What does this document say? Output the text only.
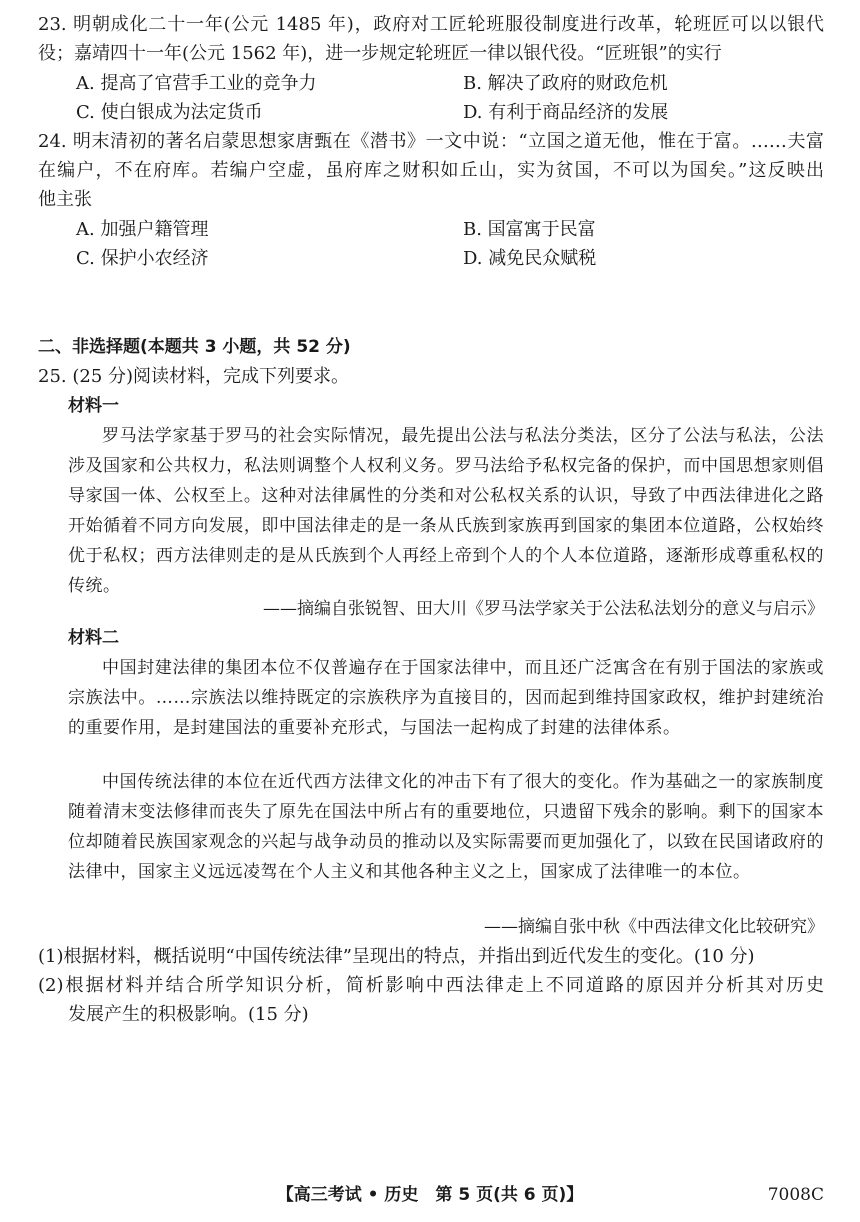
23. 明朝成化二十一年(公元 1485 年)，政府对工匠轮班服役制度进行改革，轮班匠可以以银代
役；嘉靖四十一年(公元 1562 年)，进一步规定轮班匠一律以银代役。“匠班银”的实行
A. 提高了官营手工业的竞争力	B. 解决了政府的财政危机
C. 使白银成为法定货币	D. 有利于商品经济的发展
24. 明末清初的著名启蒙思想家唐甄在《潜书》一文中说：“立国之道无他，惟在于富。……夫富
在编户，不在府库。若编户空虚，虽府库之财积如丘山，实为贫国，不可以为国矣。”这反映出
他主张
A. 加强户籍管理	B. 国富寓于民富
C. 保护小农经济	D. 减免民众赋税
二、非选择题(本题共 3 小题，共 52 分)
25. (25 分)阅读材料，完成下列要求。
材料一
罗马法学家基于罗马的社会实际情况，最先提出公法与私法分类法，区分了公法与私法，公法涉及国家和公共权力，私法则调整个人权利义务。罗马法给予私权完备的保护，而中国思想家则倡导家国一体、公权至上。这种对法律属性的分类和对公私权关系的认识，导致了中西法律进化之路开始循着不同方向发展，即中国法律走的是一条从氏族到家族再到国家的集团本位道路，公权始终优于私权；西方法律则走的是从氏族到个人再经上帝到个人的个人本位道路，逐渐形成尊重私权的传统。
——摘编自张锐智、田大川《罗马法学家关于公法私法划分的意义与启示》
材料二
中国封建法律的集团本位不仅普遍存在于国家法律中，而且还广泛寓含在有别于国法的家族或宗族法中。……宗族法以维持既定的宗族秩序为直接目的，因而起到维持国家政权，维护封建统治的重要作用，是封建国法的重要补充形式，与国法一起构成了封建的法律体系。
中国传统法律的本位在近代西方法律文化的冲击下有了很大的变化。作为基础之一的家族制度随着清末变法修律而丧失了原先在国法中所占有的重要地位，只遗留下残余的影响。剩下的国家本位却随着民族国家观念的兴起与战争动员的推动以及实际需要而更加强化了，以致在民国诸政府的法律中，国家主义远远凌驾在个人主义和其他各种主义之上，国家成了法律唯一的本位。
——摘编自张中秋《中西法律文化比较研究》
(1)根据材料，概括说明“中国传统法律”呈现出的特点，并指出到近代发生的变化。(10 分)
(2)根据材料并结合所学知识分析，简析影响中西法律走上不同道路的原因并分析其对历史
发展产生的积极影响。(15 分)
【高三考试 • 历史　第 5 页(共 6 页)】	7008C
